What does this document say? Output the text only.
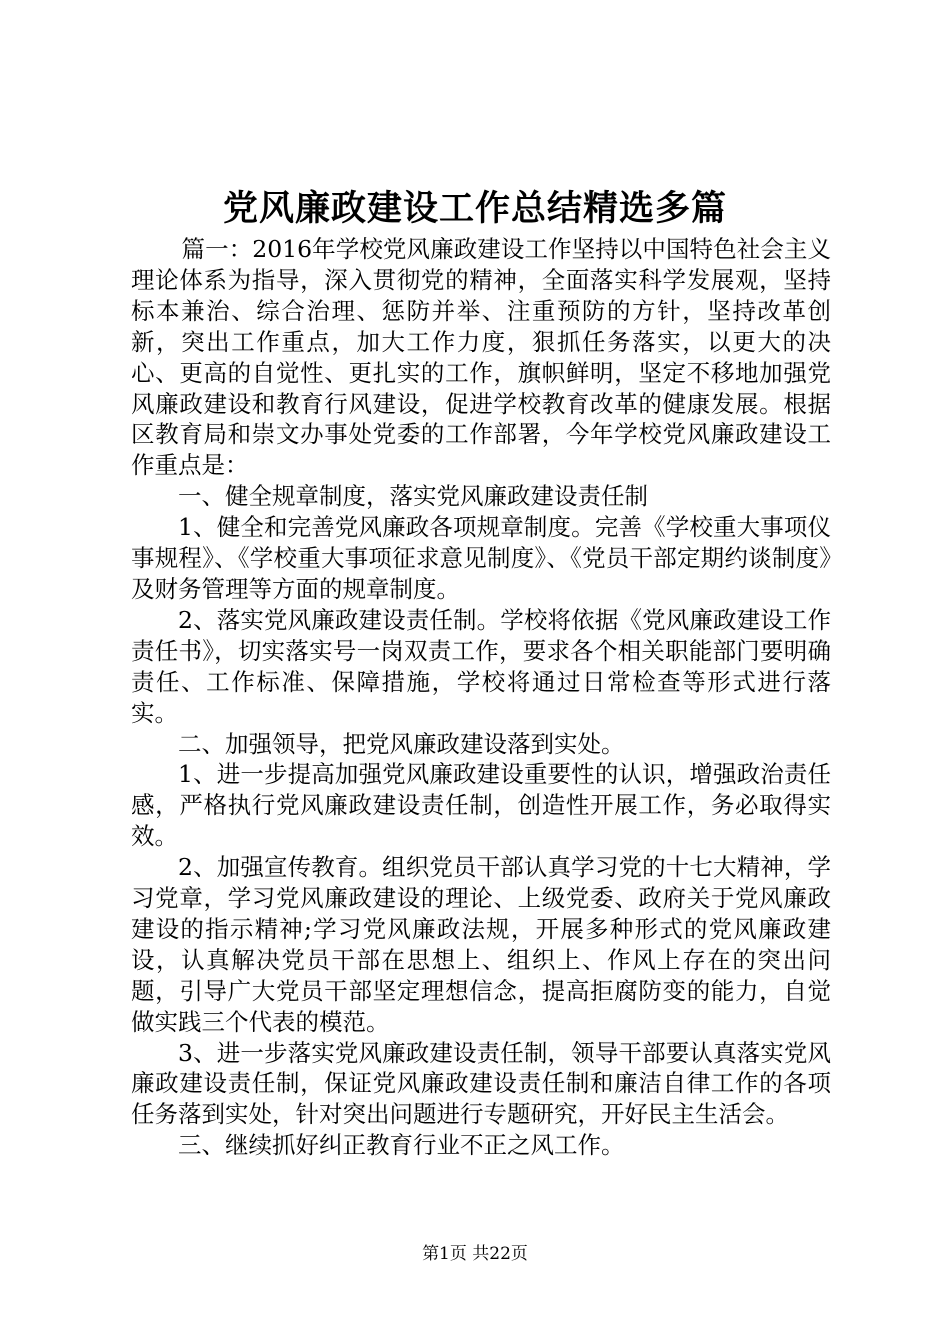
党风廉政建设工作总结精选多篇

篇一：2016年学校党风廉政建设工作坚持以中国特色社会主义理论体系为指导，深入贯彻党的精神，全面落实科学发展观，坚持标本兼治、综合治理、惩防并举、注重预防的方针，坚持改革创新，突出工作重点，加大工作力度，狠抓任务落实，以更大的决心、更高的自觉性、更扎实的工作，旗帜鲜明，坚定不移地加强党风廉政建设和教育行风建设，促进学校教育改革的健康发展。根据区教育局和崇文办事处党委的工作部署，今年学校党风廉政建设工作重点是：

一、健全规章制度，落实党风廉政建设责任制

1、健全和完善党风廉政各项规章制度。完善《学校重大事项仪事规程》、《学校重大事项征求意见制度》、《党员干部定期约谈制度》及财务管理等方面的规章制度。

2、落实党风廉政建设责任制。学校将依据《党风廉政建设工作责任书》，切实落实号一岗双责工作，要求各个相关职能部门要明确责任、工作标准、保障措施，学校将通过日常检查等形式进行落实。

二、加强领导，把党风廉政建设落到实处。

1、进一步提高加强党风廉政建设重要性的认识，增强政治责任感，严格执行党风廉政建设责任制，创造性开展工作，务必取得实效。

2、加强宣传教育。组织党员干部认真学习党的十七大精神，学习党章，学习党风廉政建设的理论、上级党委、政府关于党风廉政建设的指示精神;学习党风廉政法规，开展多种形式的党风廉政建设，认真解决党员干部在思想上、组织上、作风上存在的突出问题，引导广大党员干部坚定理想信念，提高拒腐防变的能力，自觉做实践三个代表的模范。

3、进一步落实党风廉政建设责任制，领导干部要认真落实党风廉政建设责任制，保证党风廉政建设责任制和廉洁自律工作的各项任务落到实处，针对突出问题进行专题研究，开好民主生活会。

三、继续抓好纠正教育行业不正之风工作。

第1页 共22页
